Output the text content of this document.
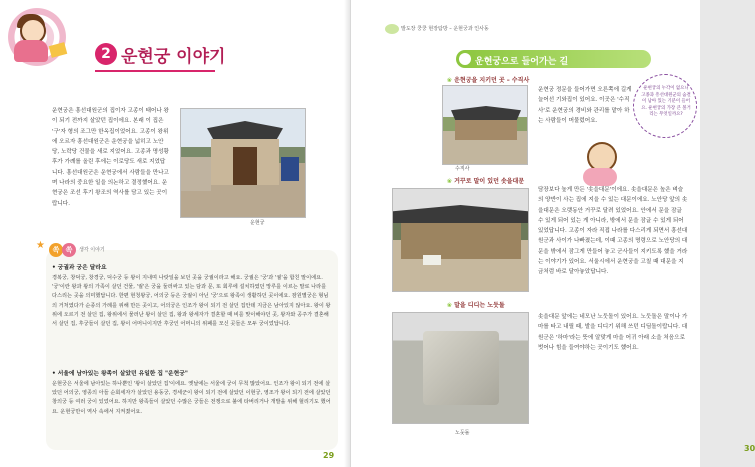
2 운현궁 이야기

운현궁은 흥선대원군의 집이자 고종이 태어나 왕이 되기 전까지 살았던 집이에요. 본래 이 집은 '구'자 형의 조그만 한옥집이었어요. 고종이 왕위에 오르자 흥선대원군은 운현궁을 넓히고 노안당, 노락당 건물을 새로 지었어요. 고종과 명성황후가 가례를 올린 후에는 이로당도 새로 지었답니다. 흥선대원군은 운현궁에서 사람들을 만나고며 나라의 중요한 일을 의논하고 결정했어요. 운현궁은 조선 후기 왕조의 역사를 담고 있는 곳이랍니다.

운현궁
★	쏙 쏙	생각 이야기
• 궁궐과 궁은 달라요

경복궁, 창덕궁, 창경궁, 덕수궁 등 왕이 지내며 나랏일을 보던 곳을 궁궐이라고 해요. 궁궐은 '궁'과 '궐'을 합친 말이에요. '궁'이란 왕과 왕의 가족이 살던 건물, '궐'은 궁을 둘러싸고 있는 담과 문, 또 회루에 설치하였던 망루를 이르는 말로 나라를 다스리는 곳을 의미했답니다. 한편 현청왕궁, 어의궁 등은 궁궐이 아닌 '궁'으로 왕족이 생활하던 곳이에요. 잠원별궁은 형님의 거처였다가 순종의 가례를 위해 만든 곳이고, 어의궁은 인조가 왕이 되기 전 살던 집안데 지금은 남아있지 않아요. 왕이 왕위에 오르기 전 살던 집, 왕위에서 물러난 왕이 살던 집, 왕과 왕세자가 결혼할 때 비를 맞이해야던 곳, 왕자와 공주가 결혼해서 살던 집, 후궁들이 살던 집, 왕이 어머니이지만 후궁인 어머니의 위패를 모신 곳들은 모두 궁이었답니다.

• 서울에 남아있는 왕족이 살았던 유일한 집 "운현궁"

운현궁은 서울에 남아있는 하나뿐인 '왕이 살았던 집'이에요. 옛날에는 서울에 궁이 무척 많았어요. 인조가 왕이 되기 전에 살았던 어의궁, 영종의 아들 순회세자가 살았던 용동궁, 경세군이 왕이 되기 전에 살았던 이현궁, 영조가 왕이 되기 전에 살았던 창의궁 등 여러 궁이 있었어요. 하지만 왕족들이 살았던 수많은 궁들은 전쟁으로 불에 타버리거나 개발을 위해 헐리기도 했어요. 운현궁만이 역사 속에서 지켜졌어요.

29
발도장 쿵쿵 현장탐방 – 운현궁과 인사동
운현궁으로 들어가는 길

운현궁의 누각이 없으니 고종과 흥선대원군의 숨결이 남아 있는 기분이 들어요. 운현궁의 가장 큰 볼거리는 무엇일까요?

❀ 운현궁을 지키던 곳 – 수직사
수직사

운현궁 정문을 들어가면 오른쪽에 길게 늘어선 기와집이 있어요. 이곳은 '수직사'로 운현궁의 경비와 관리를 맡아 하는 사람들이 머물렀어요.

❀ 거꾸로 말이 있던 솟을대문

담장보다 높게 만든 '솟을대문'이에요. 솟을대문은 높은 벼슬의 양반이 사는 집에 지을 수 있는 대문이에요. 노안당 앞의 솟을대문은 오랫동안 거꾸로 달려 있었어요. 안에서 문을 잠글 수 있게 되어 있는 게 아니라, 밖에서 문을 잠글 수 있게 되어 있었답니다. 고종이 자라 직접 나라를 다스리게 되면서 흥선대원군과 사이가 나빠졌는데, 이때 고종의 명령으로 노안당의 대문을 밖에서 잠그게 만들어 놓고 군사들이 지키도록 했을 거라는 이야기가 있어요. 서울시에서 운현궁을 고칠 때 대문을 지금처럼 바로 달아놓았답니다.

❀ 말을 디디는 노둣돌
노둣돌

솟을대문 앞에는 네모난 노둣돌이 있어요. 노둣돌은 말이나 가마를 타고 내릴 때, 발을 디디기 위해 쓰던 디딤돌이랍니다. 대원군은 '하마'라는 뜻에 알맞게 마을 어귀 아래 소을 처음으로 벗어나 힘을 들여야하는 곳이기도 했어요.

30
